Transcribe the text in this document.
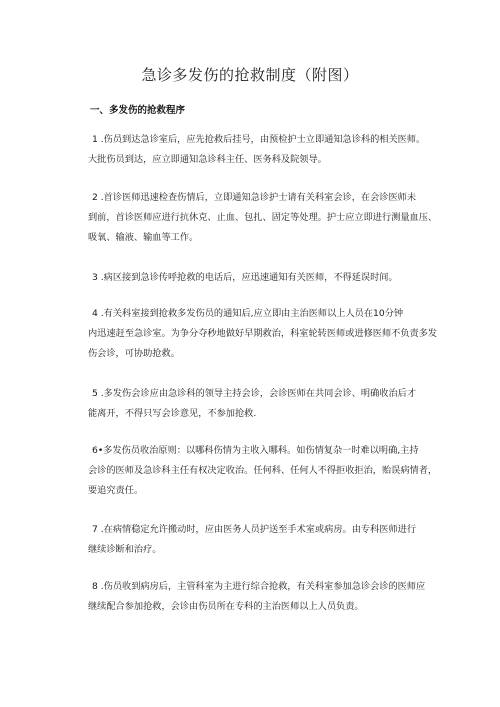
急诊多发伤的抢救制度（附图）
一、多发伤的抢救程序
1 .伤员到达急诊室后，应先抢救后挂号，由预检护士立即通知急诊科的相关医师。
大批伤员到达，应立即通知急诊科主任、医务科及院领导。
2 .首诊医师迅速检查伤情后，立即通知急诊护士请有关科室会诊，在会诊医师未
到前，首诊医师应进行抗休克、止血、包扎、固定等处理。护士应立即进行测量血压、
吸氧、输液、输血等工作。
3 .病区接到急诊传呼抢救的电话后，应迅速通知有关医师，不得延误时间。
4 .有关科室接到抢救多发伤员的通知后,应立即由主治医师以上人员在10分钟
内迅速赶至急诊室。为争分夺秒地做好早期救治，科室轮转医师或进修医师不负责多发
伤会诊，可协助抢救。
5 .多发伤会诊应由急诊科的领导主持会诊，会诊医师在共同会诊、明确收治后才
能离开，不得只写会诊意见，不参加抢救.
6•多发伤员收治原则：以哪科伤情为主收入哪科。如伤情复杂一时难以明确,主持
会诊的医师及急诊科主任有权决定收治。任何科、任何人不得拒收拒治，贻误病情者，
要追究责任。
7 .在病情稳定允许搬动时，应由医务人员护送至手术室或病房。由专科医师进行
继续诊断和治疗。
8 .伤员收到病房后，主管科室为主进行综合抢救，有关科室参加急诊会诊的医师应
继续配合参加抢救，会诊由伤员所在专科的主治医师以上人员负责。
